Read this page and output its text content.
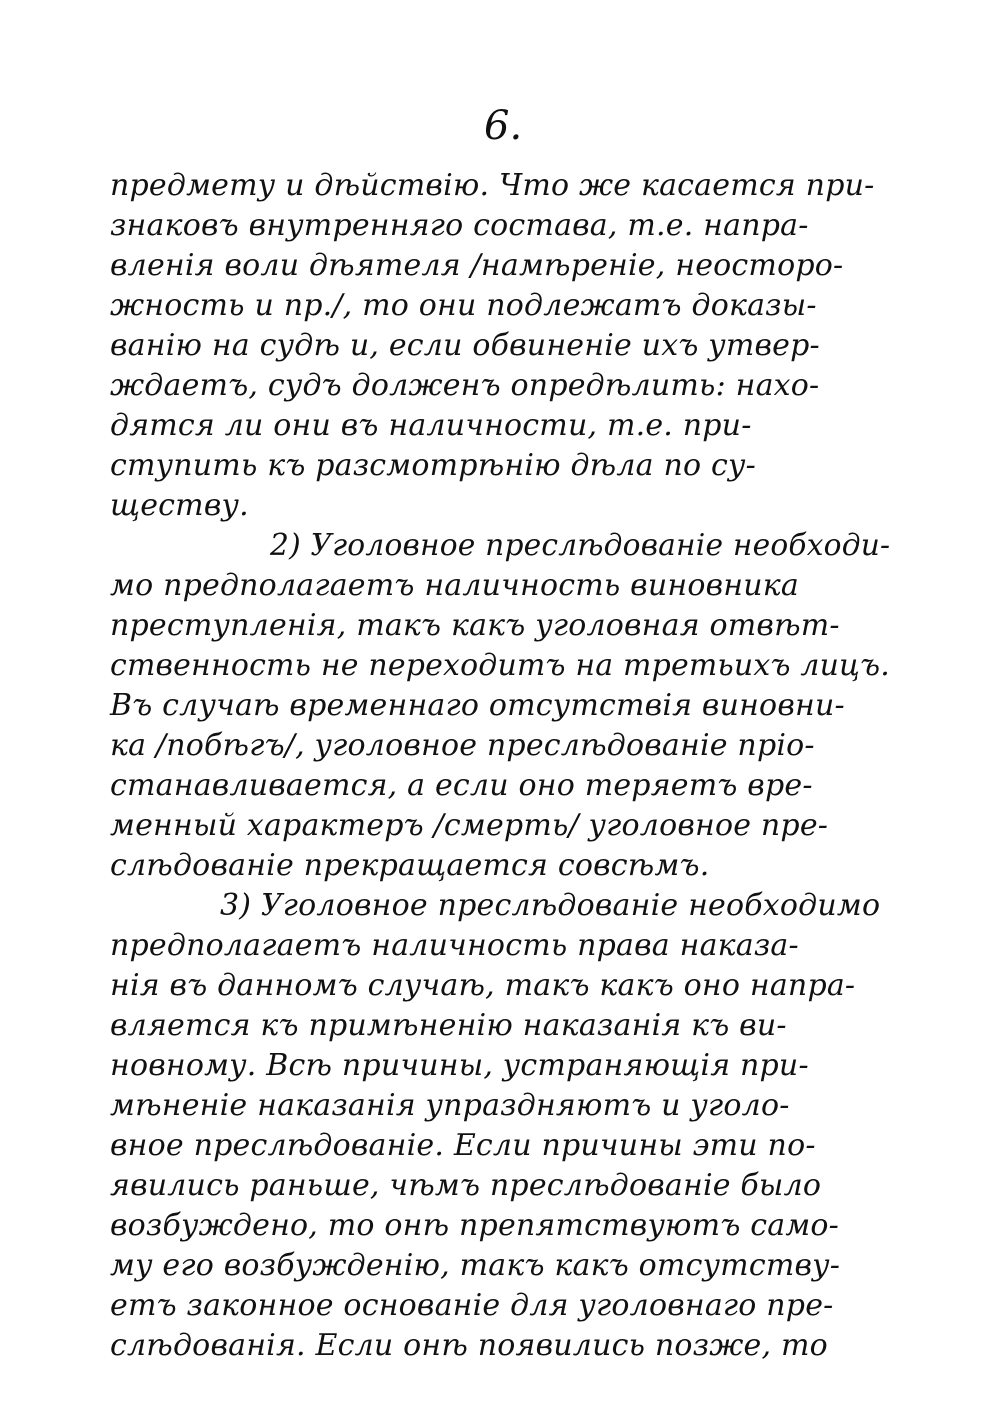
6.
предмету и дѣйствiю. Что же касается при-
знаковъ внутренняго состава, т.е. напра-
вленiя воли дѣятеля /намѣренiе, неосторо-
жность и пр./, то они подлежатъ доказы-
ванiю на судѣ и, если обвиненiе ихъ утвер-
ждаетъ, судъ долженъ опредѣлить: нахо-
дятся ли они въ наличности, т.е. при-
ступить къ разсмотрѣнiю дѣла по су-
ществу.
2) Уголовное преслѣдованiе необходи-
мо предполагаетъ наличность виновника
преступленiя, такъ какъ уголовная отвѣт-
ственность не переходитъ на третьихъ лицъ.
Въ случаѣ временнаго отсутствiя виновни-
ка /побѣгъ/, уголовное преслѣдованiе прiо-
станавливается, а если оно теряетъ вре-
менный характеръ /смерть/ уголовное пре-
слѣдованiе прекращается совсѣмъ.
3) Уголовное преслѣдованiе необходимо
предполагаетъ наличность права наказа-
нiя въ данномъ случаѣ, такъ какъ оно напра-
вляется къ примѣненiю наказанiя къ ви-
новному. Всѣ причины, устраняющiя при-
мѣненiе наказанiя упраздняютъ и уголо-
вное преслѣдованiе. Если причины эти по-
явились раньше, чѣмъ преслѣдованiе было
возбуждено, то онѣ препятствуютъ само-
му его возбужденiю, такъ какъ отсутству-
етъ законное основанiе для уголовнаго пре-
слѣдованiя. Если онѣ появились позже, то
